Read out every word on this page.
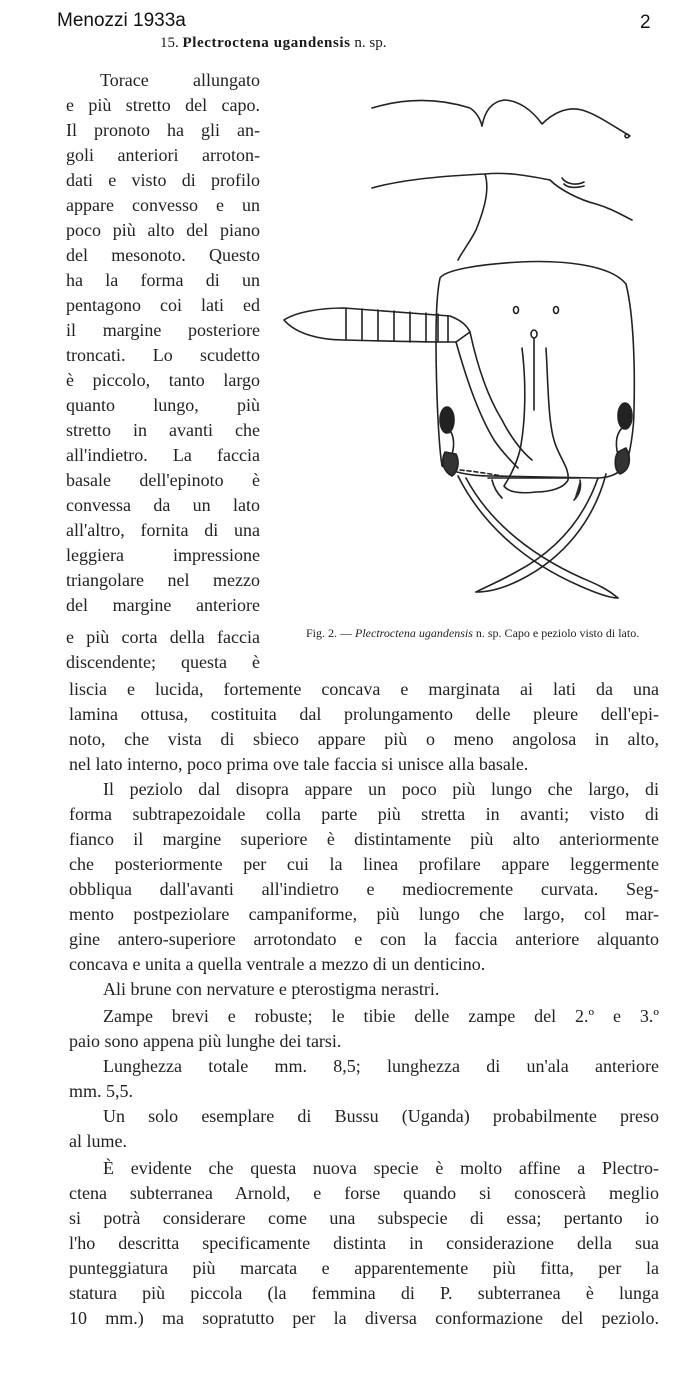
Menozzi 1933a	2
15. Plectroctena ugandensis n. sp.
Torace allungato
e più stretto del capo.
Il pronoto ha gli an-
goli anteriori arroton-
dati e visto di profilo
appare convesso e un
poco più alto del piano
del mesonoto. Questo
ha la forma di un
pentagono coi lati ed
il margine posteriore
troncati. Lo scudetto
è piccolo, tanto largo
quanto lungo, più
stretto in avanti che
all'indietro. La faccia
basale dell'epinoto è
convessa da un lato
all'altro, fornita di una
leggiera impressione
triangolare nel mezzo
del margine anteriore
e più corta della faccia
discendente; questa è
Fig. 2. — Plectroctena ugandensis n. sp. Capo e peziolo visto di lato.
liscia e lucida, fortemente concava e marginata ai lati da una
lamina ottusa, costituita dal prolungamento delle pleure dell'epi-
noto, che vista di sbieco appare più o meno angolosa in alto,
nel lato interno, poco prima ove tale faccia si unisce alla basale.
Il peziolo dal disopra appare un poco più lungo che largo, di
forma subtrapezoidale colla parte più stretta in avanti; visto di
fianco il margine superiore è distintamente più alto anteriormente
che posteriormente per cui la linea profilare appare leggermente
obbliqua dall'avanti all'indietro e mediocremente curvata. Seg-
mento postpeziolare campaniforme, più lungo che largo, col mar-
gine antero-superiore arrotondato e con la faccia anteriore alquanto
concava e unita a quella ventrale a mezzo di un denticino.
Ali brune con nervature e pterostigma nerastri.
Zampe brevi e robuste; le tibie delle zampe del 2.º e 3.º
paio sono appena più lunghe dei tarsi.
Lunghezza totale mm. 8,5; lunghezza di un'ala anteriore
mm. 5,5.
Un solo esemplare di Bussu (Uganda) probabilmente preso
al lume.
È evidente che questa nuova specie è molto affine a Plectro-
ctena subterranea Arnold, e forse quando si conoscerà meglio
si potrà considerare come una subspecie di essa; pertanto io
l'ho descritta specificamente distinta in considerazione della sua
punteggiatura più marcata e apparentemente più fitta, per la
statura più piccola (la femmina di P. subterranea è lunga
10 mm.) ma sopratutto per la diversa conformazione del peziolo.
